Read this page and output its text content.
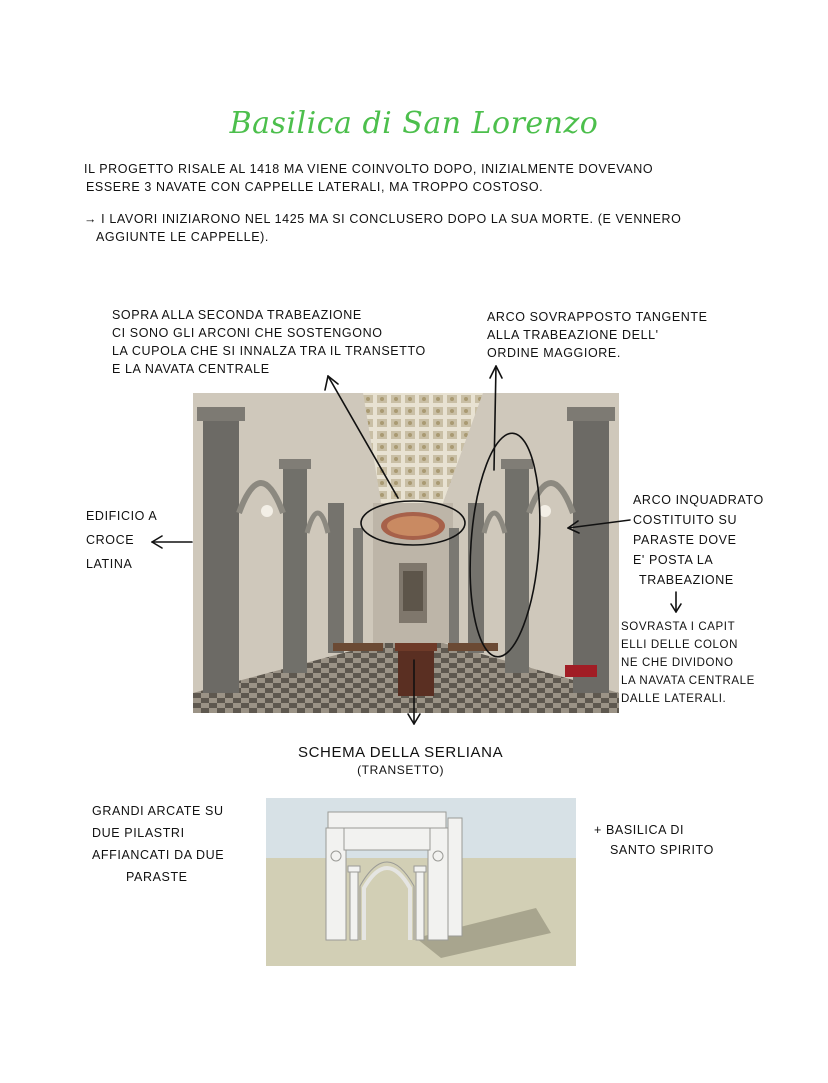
Basilica di San Lorenzo
IL PROGETTO RISALE AL 1418 MA VIENE COINVOLTO DOPO, INIZIALMENTE DOVEVANO
ESSERE 3 NAVATE CON CAPPELLE LATERALI, MA TROPPO COSTOSO.
→ I LAVORI INIZIARONO NEL 1425 MA SI CONCLUSERO DOPO LA SUA MORTE. (E VENNERO
AGGIUNTE LE CAPPELLE).
SOPRA ALLA SECONDA TRABEAZIONE
CI SONO GLI ARCONI CHE SOSTENGONO
LA CUPOLA CHE SI INNALZA TRA IL TRANSETTO
E LA NAVATA CENTRALE
ARCO SOVRAPPOSTO TANGENTE
ALLA TRABEAZIONE DELL'
ORDINE MAGGIORE.
EDIFICIO A
CROCE
LATINA
ARCO INQUADRATO
COSTITUITO SU
PARASTE DOVE
E' POSTA LA
TRABEAZIONE
SOVRASTA I CAPIT
ELLI DELLE COLON
NE CHE DIVIDONO
LA NAVATA CENTRALE
DALLE LATERALI.
SCHEMA DELLA SERLIANA
(TRANSETTO)
GRANDI ARCATE SU
DUE PILASTRI
AFFIANCATI DA DUE
PARASTE
+ BASILICA DI
SANTO SPIRITO
